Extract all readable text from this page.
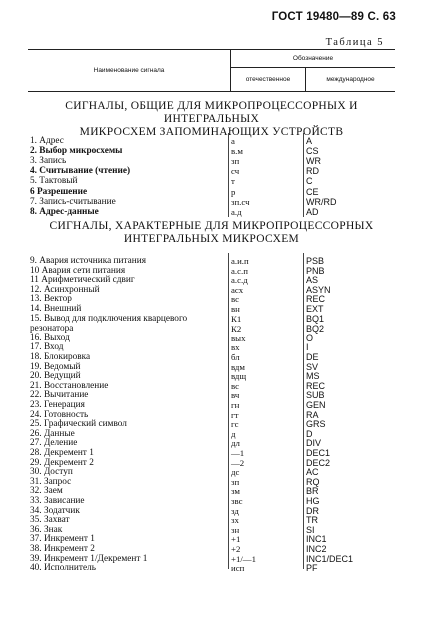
ГОСТ 19480—89 С. 63
Таблица 5
Наименование сигнала
Обозначение
отечественное	международное
СИГНАЛЫ, ОБЩИЕ ДЛЯ МИКРОПРОЦЕССОРНЫХ И ИНТЕГРАЛЬНЫХ
МИКРОСХЕМ ЗАПОМИНАЮЩИХ УСТРОЙСТВ
1. Адрес	а	А
2. Выбор микросхемы	в.м	CS
3. Запись	зп	WR
4. Считывание (чтение)	сч	RD
5. Тактовый	т	С
6 Разрешение	р	CE
7. Запись-считывание	зп.сч	WR/RD
8. Адрес-данные	а.д	AD
СИГНАЛЫ, ХАРАКТЕРНЫЕ ДЛЯ МИКРОПРОЦЕССОРНЫХ
ИНТЕГРАЛЬНЫХ МИКРОСХЕМ
9. Авария источника питания	а.и.п	PSB
10 Авария сети питания	а.с.п	PNB
11 Арифметический сдвиг	а.с.д	AS
12. Асинхронный	асх	ASYN
13. Вектор	вс	REC
14. Внешний	вн	EXT
15. Вывод для подключения кварцевого	К1	BQ1
резонатора	К2	BQ2
16. Выход	вых	O
17. Вход	вх	I
18. Блокировка	бл	DE
19. Ведомый	вдм	SV
20. Ведущий	вдщ	MS
21. Восстановление	вс	REC
22. Вычитание	вч	SUB
23. Генерация	гн	GEN
24. Готовность	гт	RA
25. Графический символ	гс	GRS
26. Данные	д	D
27. Деление	дл	DIV
28. Декремент 1	—1	DEC1
29. Декремент 2	—2	DEC2
30. Доступ	дс	AC
31. Запрос	зп	RQ
32. Заем	зм	BR
33. Зависание	звс	HG
34. Зодатчик	зд	DR
35. Захват	зх	TR
36. Знак	зн	SI
37. Инкремент 1	+1	INC1
38. Инкремент 2	+2	INC2
39. Инкремент 1/Декремент 1	+1/—1	INC1/DEC1
40. Исполнитель	исп	PF
